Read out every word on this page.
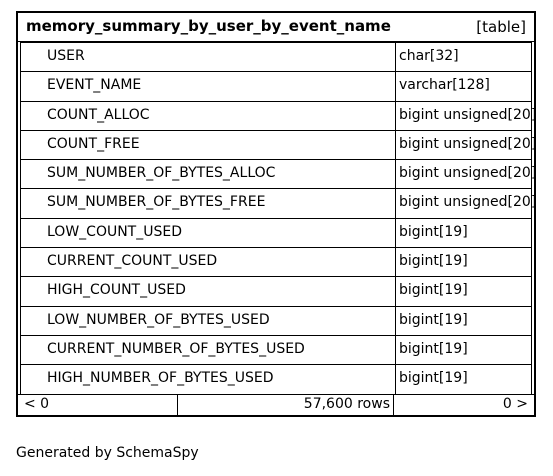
memory_summary_by_user_by_event_name	[table]
USER	char[32]
EVENT_NAME	varchar[128]
COUNT_ALLOC	bigint unsigned[20]
COUNT_FREE	bigint unsigned[20]
SUM_NUMBER_OF_BYTES_ALLOC	bigint unsigned[20]
SUM_NUMBER_OF_BYTES_FREE	bigint unsigned[20]
LOW_COUNT_USED	bigint[19]
CURRENT_COUNT_USED	bigint[19]
HIGH_COUNT_USED	bigint[19]
LOW_NUMBER_OF_BYTES_USED	bigint[19]
CURRENT_NUMBER_OF_BYTES_USED	bigint[19]
HIGH_NUMBER_OF_BYTES_USED	bigint[19]
< 0	57,600 rows	0 >
Generated by SchemaSpy
